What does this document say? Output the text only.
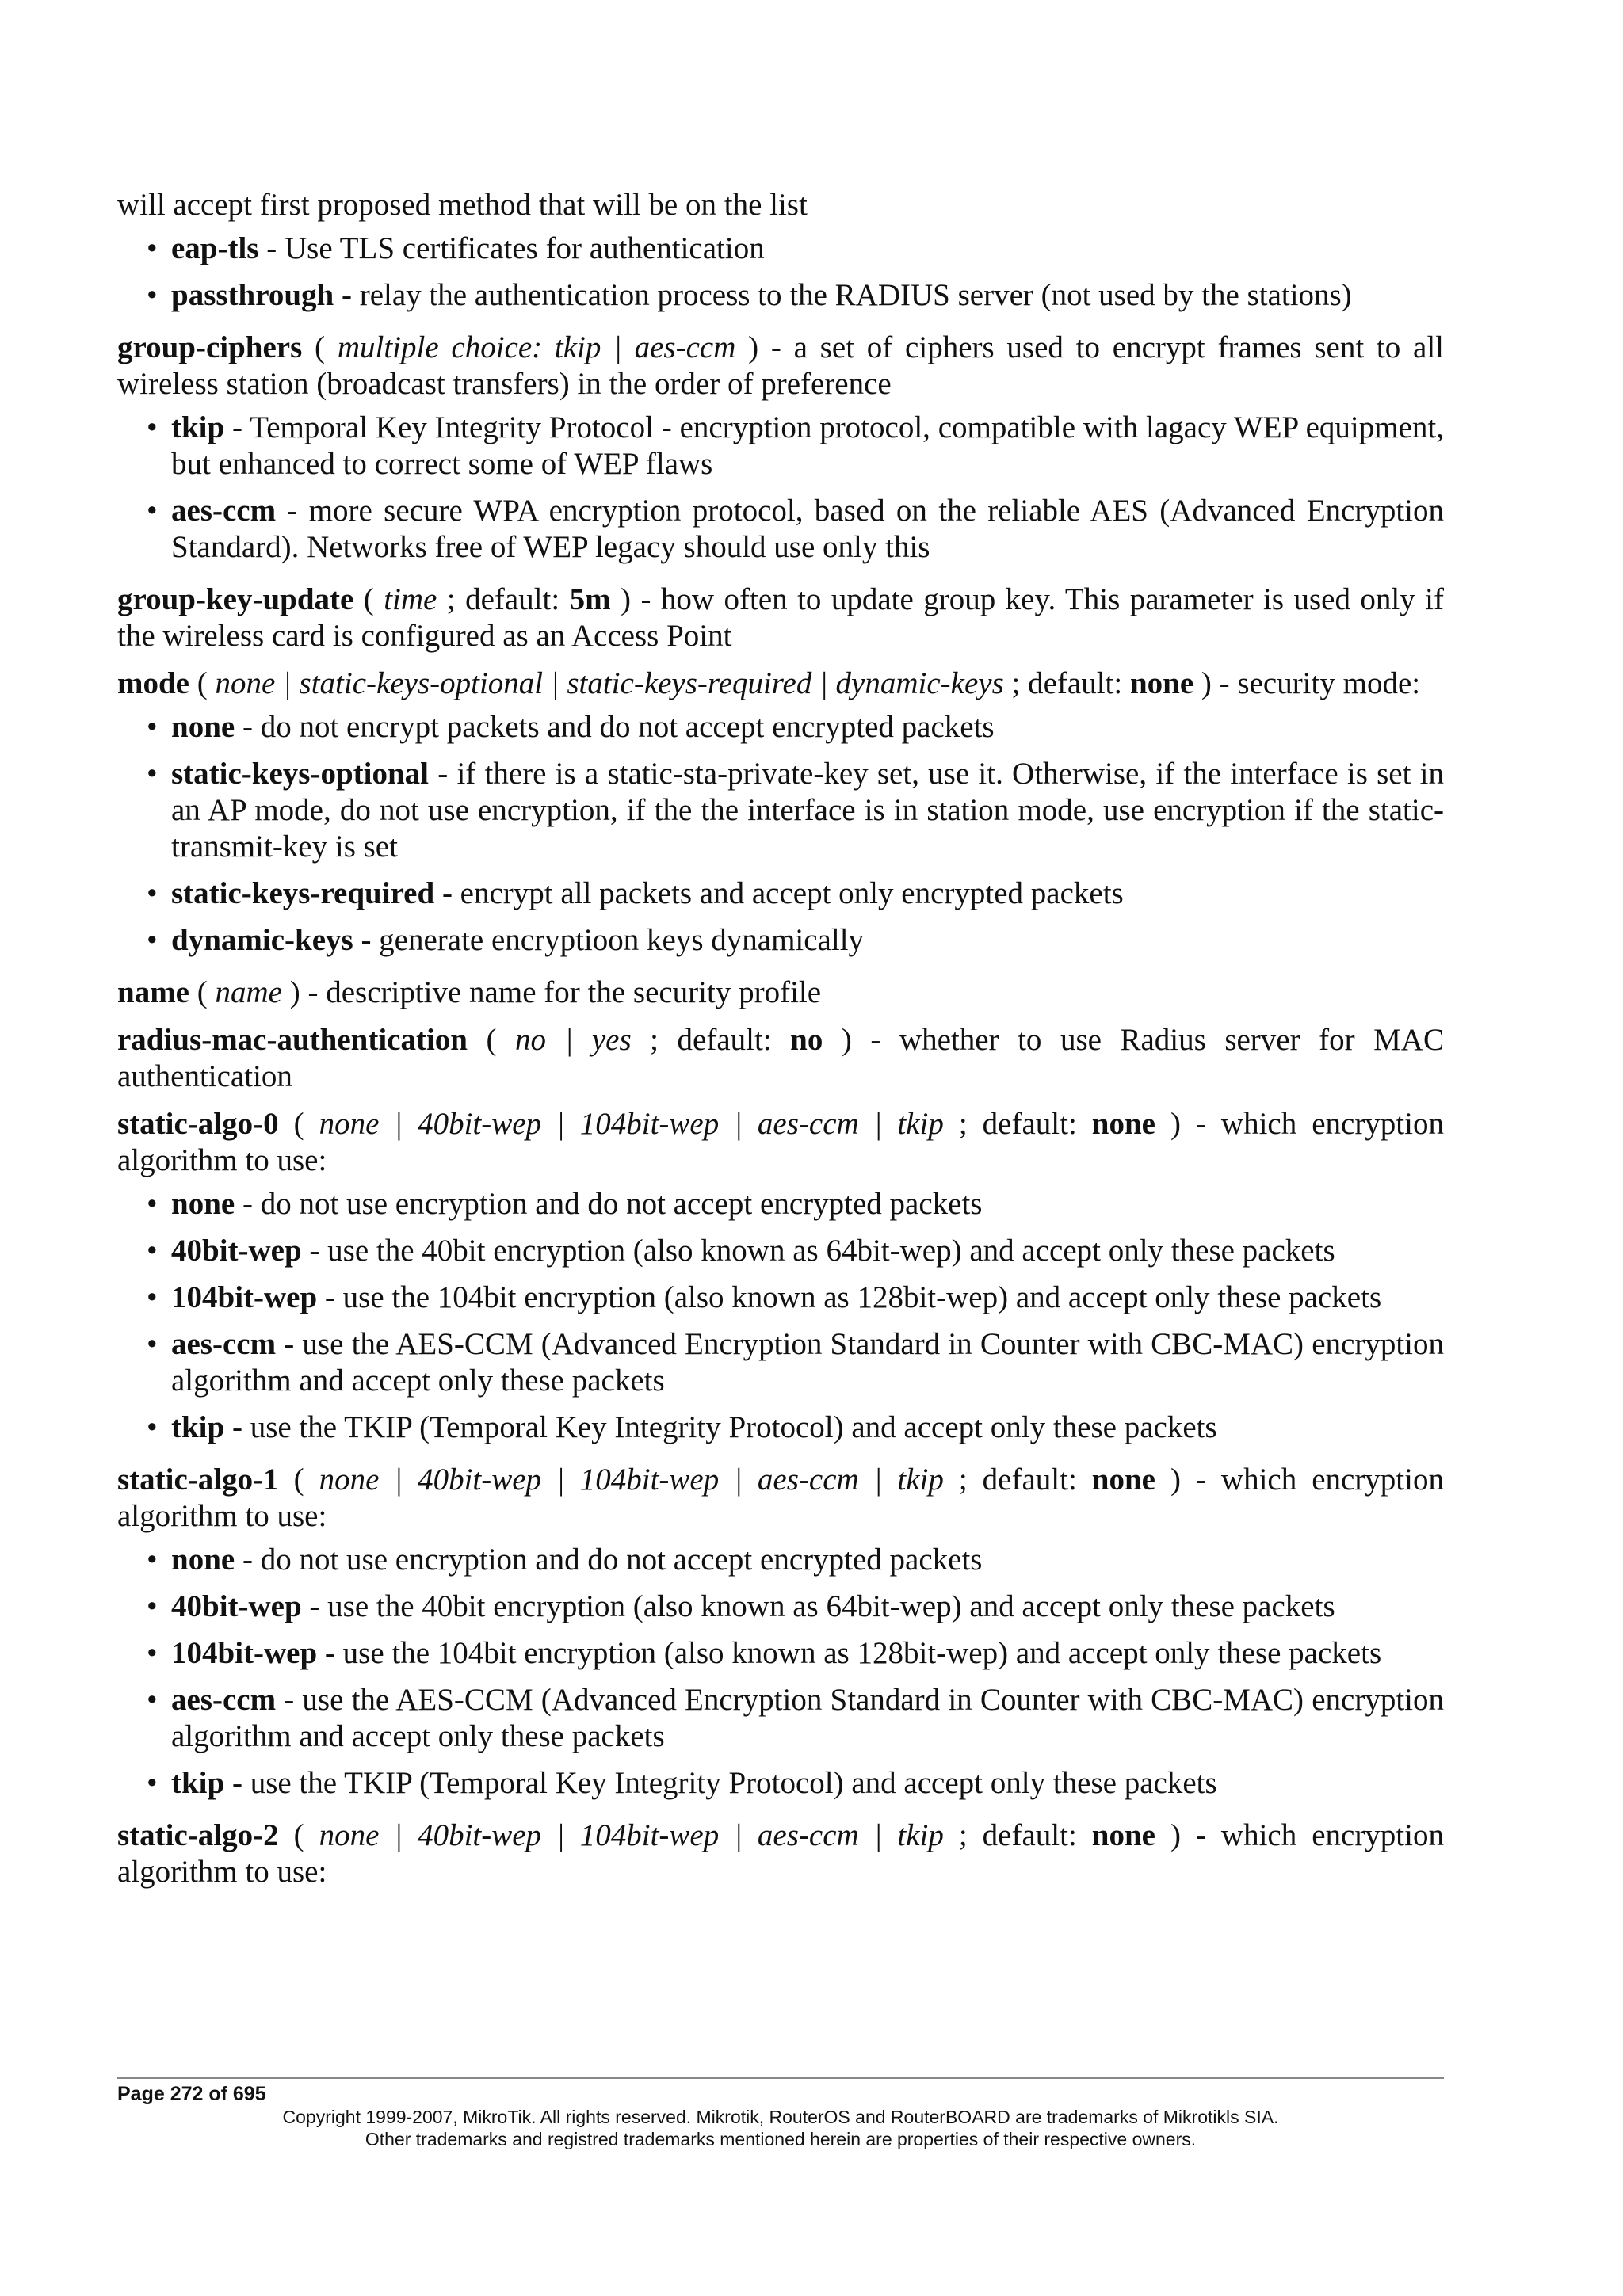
will accept first proposed method that will be on the list

• eap-tls - Use TLS certificates for authentication
• passthrough - relay the authentication process to the RADIUS server (not used by the stations)

group-ciphers ( multiple choice: tkip | aes-ccm ) - a set of ciphers used to encrypt frames sent to all wireless station (broadcast transfers) in the order of preference

• tkip - Temporal Key Integrity Protocol - encryption protocol, compatible with lagacy WEP equipment, but enhanced to correct some of WEP flaws
• aes-ccm - more secure WPA encryption protocol, based on the reliable AES (Advanced Encryption Standard). Networks free of WEP legacy should use only this

group-key-update ( time ; default: 5m ) - how often to update group key. This parameter is used only if the wireless card is configured as an Access Point

mode ( none | static-keys-optional | static-keys-required | dynamic-keys ; default: none ) - security mode:

• none - do not encrypt packets and do not accept encrypted packets
• static-keys-optional - if there is a static-sta-private-key set, use it. Otherwise, if the interface is set in an AP mode, do not use encryption, if the the interface is in station mode, use encryption if the static-transmit-key is set
• static-keys-required - encrypt all packets and accept only encrypted packets
• dynamic-keys - generate encryptioon keys dynamically

name ( name ) - descriptive name for the security profile

radius-mac-authentication ( no | yes ; default: no ) - whether to use Radius server for MAC authentication

static-algo-0 ( none | 40bit-wep | 104bit-wep | aes-ccm | tkip ; default: none ) - which encryption algorithm to use:

• none - do not use encryption and do not accept encrypted packets
• 40bit-wep - use the 40bit encryption (also known as 64bit-wep) and accept only these packets
• 104bit-wep - use the 104bit encryption (also known as 128bit-wep) and accept only these packets
• aes-ccm - use the AES-CCM (Advanced Encryption Standard in Counter with CBC-MAC) encryption algorithm and accept only these packets
• tkip - use the TKIP (Temporal Key Integrity Protocol) and accept only these packets

static-algo-1 ( none | 40bit-wep | 104bit-wep | aes-ccm | tkip ; default: none ) - which encryption algorithm to use:

• none - do not use encryption and do not accept encrypted packets
• 40bit-wep - use the 40bit encryption (also known as 64bit-wep) and accept only these packets
• 104bit-wep - use the 104bit encryption (also known as 128bit-wep) and accept only these packets
• aes-ccm - use the AES-CCM (Advanced Encryption Standard in Counter with CBC-MAC) encryption algorithm and accept only these packets
• tkip - use the TKIP (Temporal Key Integrity Protocol) and accept only these packets

static-algo-2 ( none | 40bit-wep | 104bit-wep | aes-ccm | tkip ; default: none ) - which encryption algorithm to use:

Page 272 of 695
Copyright 1999-2007, MikroTik. All rights reserved. Mikrotik, RouterOS and RouterBOARD are trademarks of Mikrotikls SIA.
Other trademarks and registred trademarks mentioned herein are properties of their respective owners.
